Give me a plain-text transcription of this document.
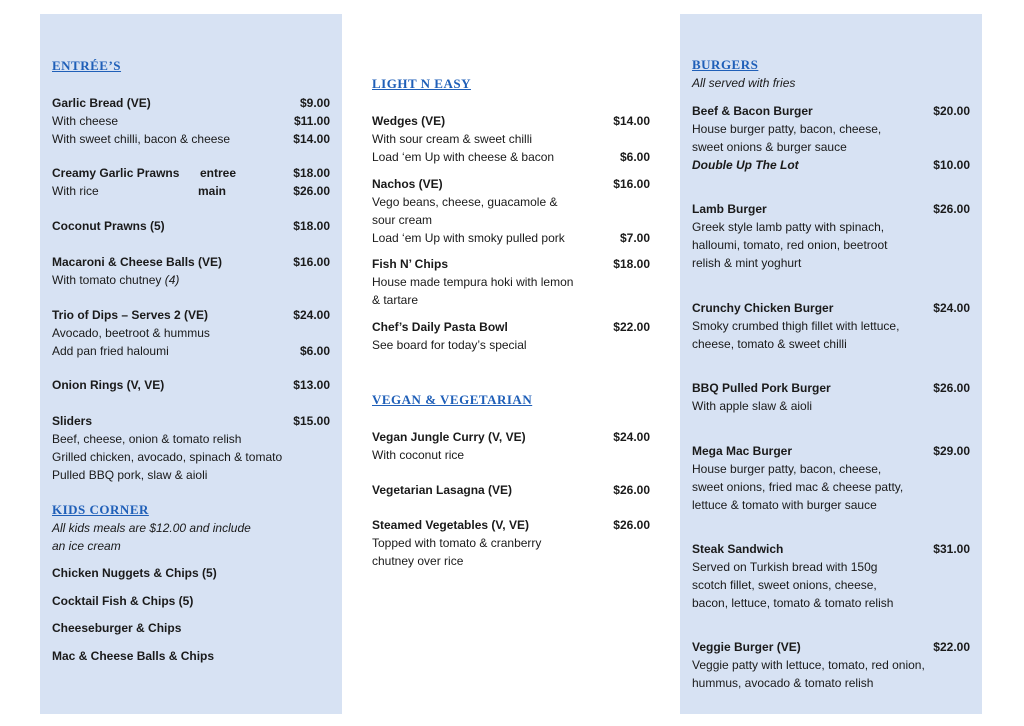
ENTRÉE’S
Garlic Bread (VE)	$9.00
With cheese	$11.00
With sweet chilli, bacon & cheese	$14.00
Creamy Garlic Prawns entree	$18.00
With rice	main	$26.00
Coconut Prawns (5)	$18.00
Macaroni & Cheese Balls (VE)	$16.00
With tomato chutney (4)
Trio of Dips – Serves 2 (VE)	$24.00
Avocado, beetroot & hummus
Add pan fried haloumi	$6.00
Onion Rings (V, VE)	$13.00
Sliders	$15.00
Beef, cheese, onion & tomato relish
Grilled chicken, avocado, spinach & tomato
Pulled BBQ pork, slaw & aioli
KIDS CORNER
All kids meals are $12.00 and include
an ice cream
Chicken Nuggets & Chips (5)
Cocktail Fish & Chips (5)
Cheeseburger & Chips
Mac & Cheese Balls & Chips
LIGHT N EASY
Wedges (VE)	$14.00
With sour cream & sweet chilli
Load ‘em Up with cheese & bacon	$6.00
Nachos (VE)	$16.00
Vego beans, cheese, guacamole &
sour cream
Load ‘em Up with smoky pulled pork	$7.00
Fish N’ Chips	$18.00
House made tempura hoki with lemon
& tartare
Chef’s Daily Pasta Bowl	$22.00
See board for today’s special
VEGAN & VEGETARIAN
Vegan Jungle Curry (V, VE)	$24.00
With coconut rice
Vegetarian Lasagna (VE)	$26.00
Steamed Vegetables (V, VE)	$26.00
Topped with tomato & cranberry
chutney over rice
BURGERS
All served with fries
Beef & Bacon Burger	$20.00
House burger patty, bacon, cheese,
sweet onions & burger sauce
Double Up The Lot	$10.00
Lamb Burger	$26.00
Greek style lamb patty with spinach,
halloumi, tomato, red onion, beetroot
relish & mint yoghurt
Crunchy Chicken Burger	$24.00
Smoky crumbed thigh fillet with lettuce,
cheese, tomato & sweet chilli
BBQ Pulled Pork Burger	$26.00
With apple slaw & aioli
Mega Mac Burger	$29.00
House burger patty, bacon, cheese,
sweet onions, fried mac & cheese patty,
lettuce & tomato with burger sauce
Steak Sandwich	$31.00
Served on Turkish bread with 150g
scotch fillet, sweet onions, cheese,
bacon, lettuce, tomato & tomato relish
Veggie Burger (VE)	$22.00
Veggie patty with lettuce, tomato, red onion,
hummus, avocado & tomato relish
